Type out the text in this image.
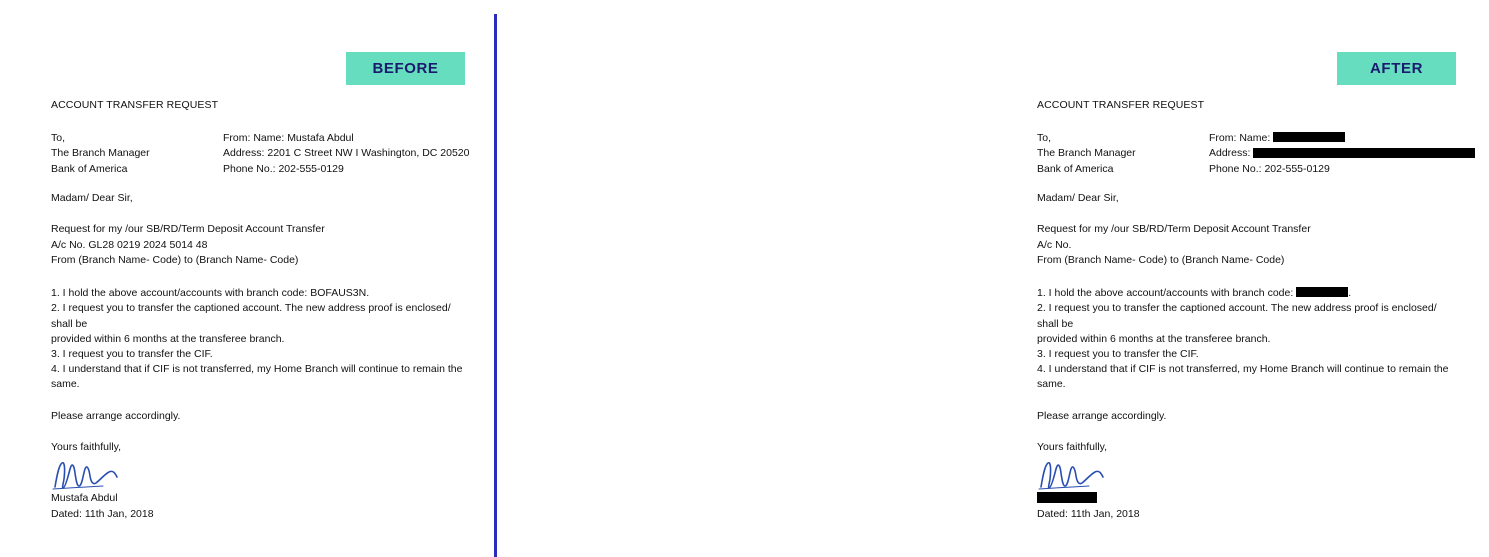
BEFORE
ACCOUNT TRANSFER REQUEST
To,
The Branch Manager
Bank of America
From: Name: Mustafa Abdul
Address: 2201 C Street NW I Washington, DC 20520
Phone No.: 202-555-0129
Madam/ Dear Sir,
Request for my /our SB/RD/Term Deposit Account Transfer
A/c No. GL28 0219 2024 5014 48
From (Branch Name- Code) to (Branch Name- Code)

1. I hold the above account/accounts with branch code: BOFAUS3N.

2. I request you to transfer the captioned account. The new address proof is enclosed/ shall be

provided within 6 months at the transferee branch.

3. I request you to transfer the CIF.

4. I understand that if CIF is not transferred, my Home Branch will continue to remain the same.

Please arrange accordingly.
Yours faithfully,
Mustafa Abdul
Dated: 11th Jan, 2018
AFTER
ACCOUNT TRANSFER REQUEST
To,
The Branch Manager
Bank of America
From: Name:
Address:
Phone No.: 202-555-0129
Madam/ Dear Sir,
Request for my /our SB/RD/Term Deposit Account Transfer
A/c No.
From (Branch Name- Code) to (Branch Name- Code)

1. I hold the above account/accounts with branch code:	.

2. I request you to transfer the captioned account. The new address proof is enclosed/ shall be

provided within 6 months at the transferee branch.

3. I request you to transfer the CIF.

4. I understand that if CIF is not transferred, my Home Branch will continue to remain the same.

Please arrange accordingly.
Yours faithfully,
Dated: 11th Jan, 2018
